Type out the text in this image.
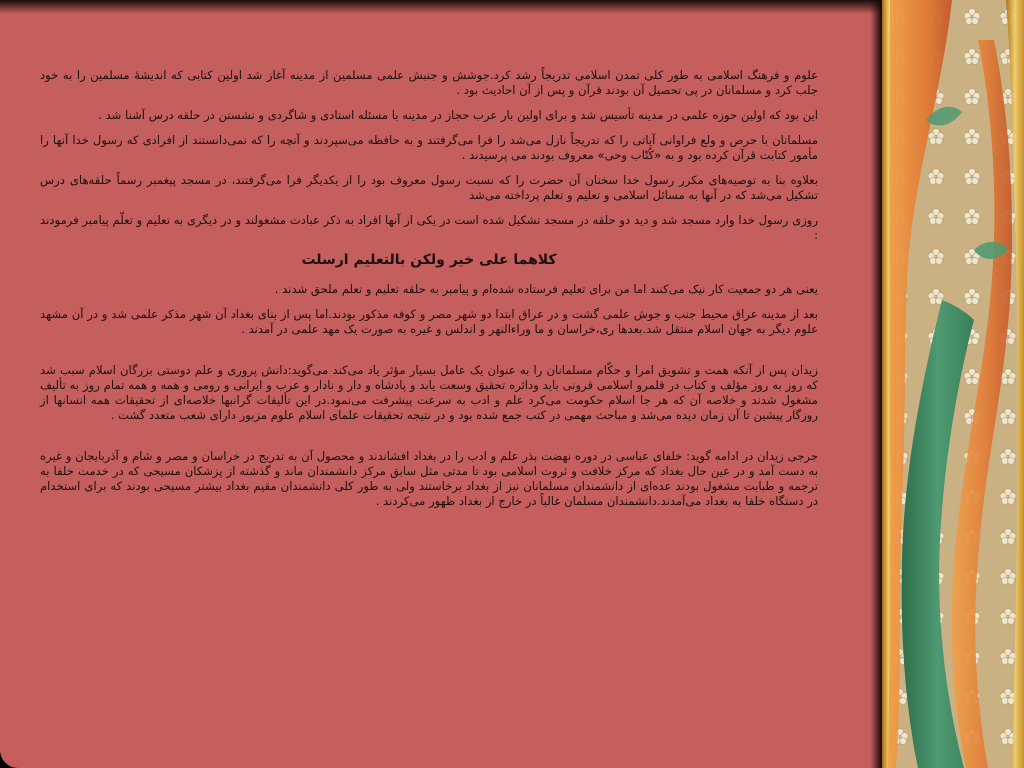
علوم و فرهنگ اسلامی به طور کلی تمدن اسلامی تدریجاً رشد کرد.جوشش و جنبش علمی مسلمین از مدینه آغاز شد اولین کتابی که اندیشهٔ مسلمین را به خود جلب کرد و مسلمانان در پی تحصیل آن بودند قرآن و پس از آن احادیث بود .

این بود که اولین حوزه علمی در مدینه تأسیس شد و برای اولین بار عرب حجاز در مدینه با مسئله استادی و شاگردی و نشستن در حلقه درس آشنا شد .

مسلمانان با حرص و ولع فراوانی آیاتی را که تدریجاً نازل می‌شد را فرا می‌گرفتند و به حافظه می‌سپردند و آنچه را که نمی‌دانستند از افرادی که رسول خدا آنها را مأمور کتابت قرآن کرده بود و به «کُتّاب وحی» معروف بودند می پرسیدند .

بعلاوه بنا به توصیه‌های مکرر رسول خدا سخنان آن حضرت را که نسبت رسول معروف بود را از یکدیگر فرا می‌گرفتند، در مسجد پیغمبر رسماً حلقه‌های درس تشکیل می‌شد که در آنها به مسائل اسلامی و تعلیم و تعلم پرداخته می‌شد

روزی رسول خدا وارد مسجد شد و دید دو حلقه در مسجد تشکیل شده است در یکی از آنها افراد به ذکر عبادت مشغولند و در دیگری به تعلیم و تعلّم پیامبر فرمودند :

کلاهما علی خیر ولکن بالتعلیم ارسلت

یعنی هر دو جمعیت کار نیک می‌کنند اما من برای تعلیم فرستاده شده‌ام و پیامبر به حلقه تعلیم و تعلم ملحق شدند .

بعد از مدینه عراق محیط جنب و جوش علمی گشت و در عراق ابتدا دو شهر مصر و کوفه مذکور بودند.اما پس از بنای بغداد آن شهر مذکر علمی شد و در آن مشهد علوم دیگر به جهان اسلام منتقل شد.بعدها ری،خراسان و ما وراءالنهر و اندلس و غیره به صورت یک مهد علمی در آمدند .

زیدان پس از آنکه همت و تشویق امرا و حکّام مسلمانان را به عنوان یک عامل بسیار مؤثر یاد می‌کند می‌گوید:دانش پروری و علم دوستی بزرگان اسلام سبب شد که روز به روز مؤلف و کتاب در قلمرو اسلامی قرونی باید ودائره تحقیق وسعت یابد و پادشاه و دار و نادار و عرب و ایرانی و رومی و همه و همه تمام روز به تألیف مشغول شدند و خلاصه آن که هر جا اسلام حکومت می‌کرد علم و ادب به سرعت پیشرفت می‌نمود.در این تألیفات گرانبها خلاصه‌ای از تحقیقات همه انسانها از روزگار پیشین تا آن زمان دیده می‌شد و مباحث مهمی در کتب جمع شده بود و در نتیجه تحقیقات علمای اسلام علوم مزبور دارای شعب متعدد گشت .

جرجی زیدان در ادامه گوید: خلفای عباسی در دوره نهضت بذر علم و ادب را در بغداد افشاندند و محصول آن به تدریج در خراسان و مصر و شام و آذربایجان و غیره به دست آمد و در عین حال بغداد که مرکز خلافت و ثروت اسلامی بود تا مدتی مثل سابق مرکز دانشمندان ماند و گذشته از پزشکان مسیحی که در خدمت خلفا به ترجمه و طبابت مشغول بودند عده‌ای از دانشمندان مسلمانان نیز از بغداد برخاستند ولی به طور کلی دانشمندان مقیم بغداد بیشتر مسیحی بودند که برای استخدام در دستگاه خلفا به بغداد می‌آمدند.دانشمندان مسلمان غالباً در خارج از بغداد ظهور می‌کردند .
